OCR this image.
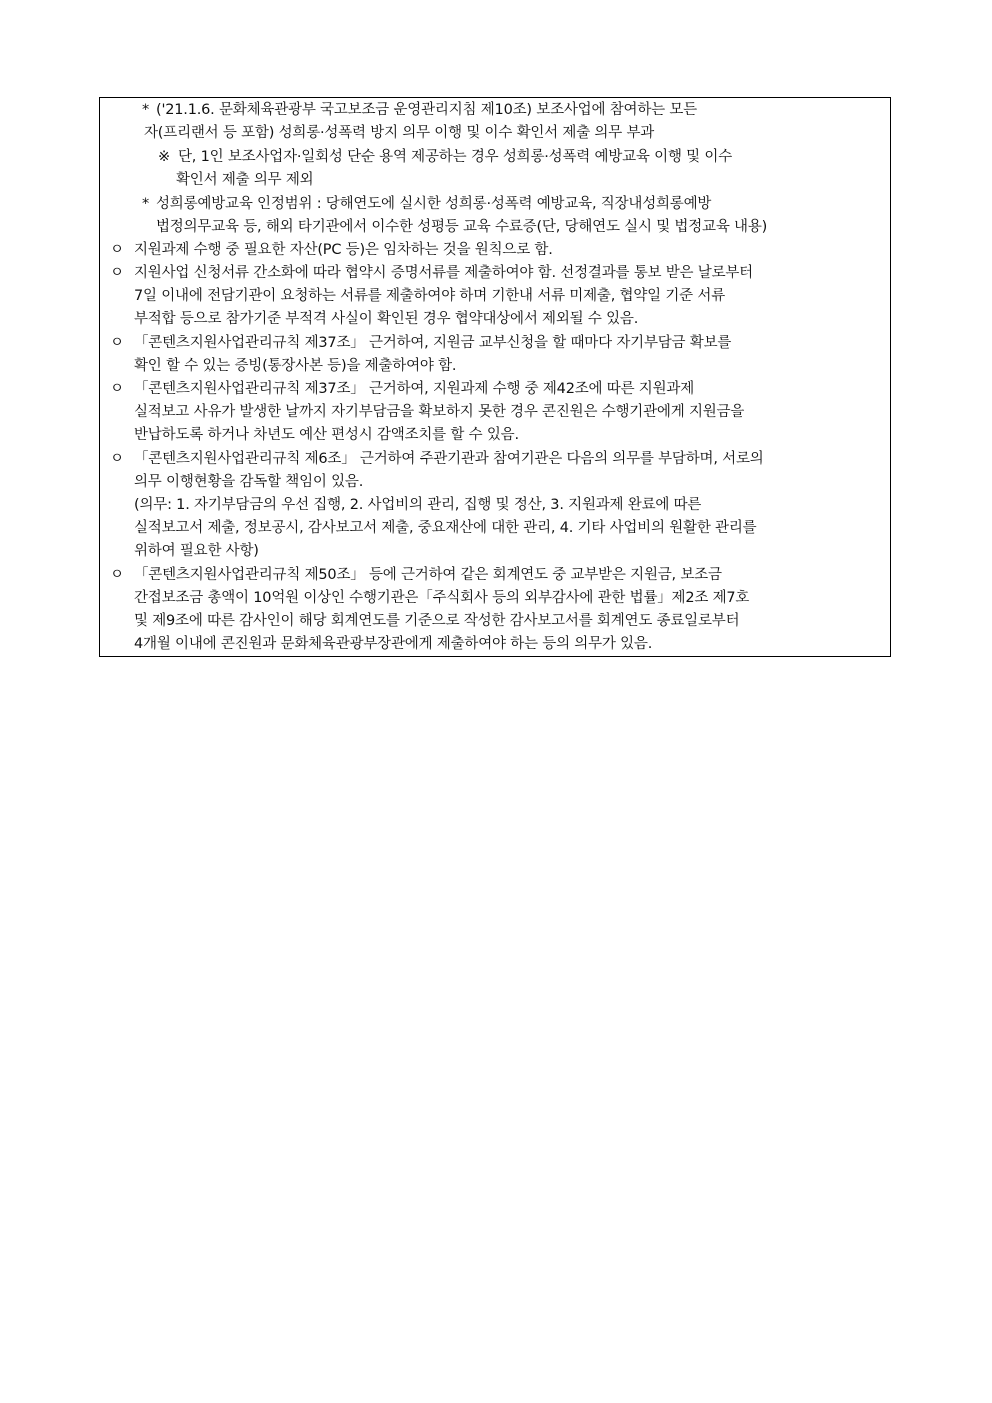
* ('21.1.6. 문화체육관광부 국고보조금 운영관리지침 제10조) 보조사업에 참여하는 모든
자(프리랜서 등 포함) 성희롱·성폭력 방지 의무 이행 및 이수 확인서 제출 의무 부과
※ 단, 1인 보조사업자·일회성 단순 용역 제공하는 경우 성희롱·성폭력 예방교육 이행 및 이수
확인서 제출 의무 제외
* 성희롱예방교육 인정범위 : 당해연도에 실시한 성희롱·성폭력 예방교육, 직장내성희롱예방
법정의무교육 등, 해외 타기관에서 이수한 성평등 교육 수료증(단, 당해연도 실시 및 법정교육 내용)
ㅇ 지원과제 수행 중 필요한 자산(PC 등)은 임차하는 것을 원칙으로 함.
ㅇ 지원사업 신청서류 간소화에 따라 협약시 증명서류를 제출하여야 함. 선정결과를 통보 받은 날로부터
7일 이내에 전담기관이 요청하는 서류를 제출하여야 하며 기한내 서류 미제출, 협약일 기준 서류
부적합 등으로 참가기준 부적격 사실이 확인된 경우 협약대상에서 제외될 수 있음.
ㅇ 「콘텐츠지원사업관리규칙 제37조」 근거하여, 지원금 교부신청을 할 때마다 자기부담금 확보를
확인 할 수 있는 증빙(통장사본 등)을 제출하여야 함.
ㅇ 「콘텐츠지원사업관리규칙 제37조」 근거하여, 지원과제 수행 중 제42조에 따른 지원과제
실적보고 사유가 발생한 날까지 자기부담금을 확보하지 못한 경우 콘진원은 수행기관에게 지원금을
반납하도록 하거나 차년도 예산 편성시 감액조치를 할 수 있음.
ㅇ 「콘텐츠지원사업관리규칙 제6조」 근거하여 주관기관과 참여기관은 다음의 의무를 부담하며, 서로의
의무 이행현황을 감독할 책임이 있음.
(의무: 1. 자기부담금의 우선 집행, 2. 사업비의 관리, 집행 및 정산, 3. 지원과제 완료에 따른
실적보고서 제출, 정보공시, 감사보고서 제출, 중요재산에 대한 관리, 4. 기타 사업비의 원활한 관리를
위하여 필요한 사항)
ㅇ 「콘텐츠지원사업관리규칙 제50조」 등에 근거하여 같은 회계연도 중 교부받은 지원금, 보조금
간접보조금 총액이 10억원 이상인 수행기관은「주식회사 등의 외부감사에 관한 법률」제2조 제7호
및 제9조에 따른 감사인이 해당 회계연도를 기준으로 작성한 감사보고서를 회계연도 종료일로부터
4개월 이내에 콘진원과 문화체육관광부장관에게 제출하여야 하는 등의 의무가 있음.
